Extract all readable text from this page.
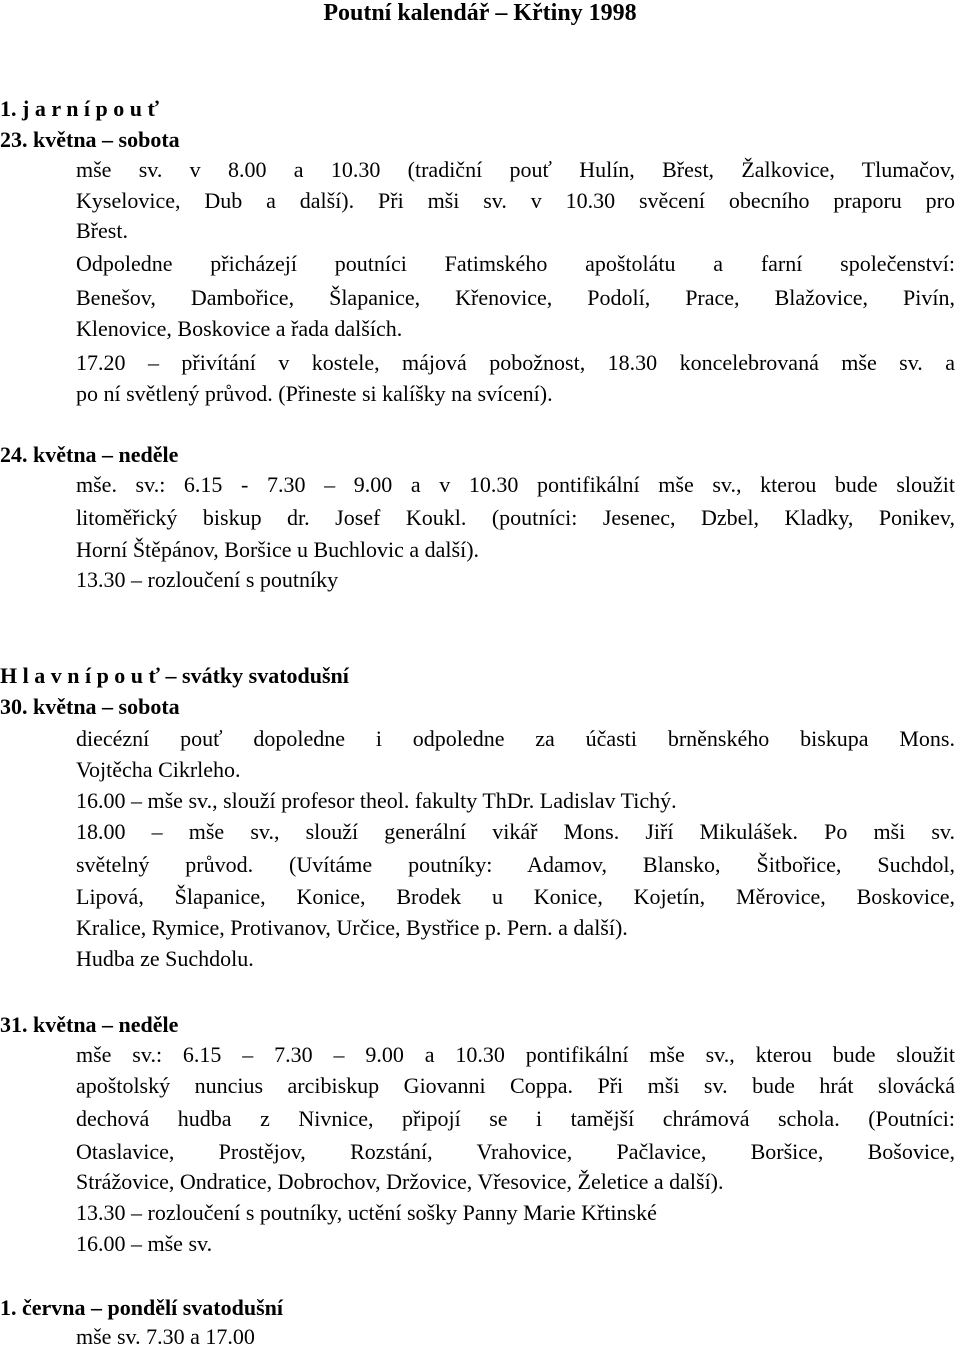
Poutní kalendář – Křtiny 1998
1. j a r n í p o u ť
23. května – sobota
mše sv. v 8.00 a 10.30 (tradiční pouť Hulín, Břest, Žalkovice, Tlumačov,
Kyselovice, Dub a další). Při mši sv. v 10.30 svěcení obecního praporu pro
Břest.
Odpoledne přicházejí poutníci Fatimského apoštolátu a farní společenství:
Benešov, Dambořice, Šlapanice, Křenovice, Podolí, Prace, Blažovice, Pivín,
Klenovice, Boskovice a řada dalších.
17.20 – přivítání v kostele, májová pobožnost, 18.30 koncelebrovaná mše sv. a
po ní světlený průvod. (Přineste si kalíšky na svícení).
24. května – neděle
mše. sv.: 6.15 - 7.30 – 9.00 a v 10.30 pontifikální mše sv., kterou bude sloužit
litoměřický biskup dr. Josef Koukl. (poutníci: Jesenec, Dzbel, Kladky, Ponikev,
Horní Štěpánov, Boršice u Buchlovic a další).
13.30 – rozloučení s poutníky
H l a v n í p o u ť – svátky svatodušní
30. května – sobota
diecézní pouť dopoledne i odpoledne za účasti brněnského biskupa Mons.
Vojtěcha Cikrleho.
16.00 – mše sv., slouží profesor theol. fakulty ThDr. Ladislav Tichý.
18.00 – mše sv., slouží generální vikář Mons. Jiří Mikulášek. Po mši sv.
světelný průvod. (Uvítáme poutníky: Adamov, Blansko, Šitbořice, Suchdol,
Lipová, Šlapanice, Konice, Brodek u Konice, Kojetín, Měrovice, Boskovice,
Kralice, Rymice, Protivanov, Určice, Bystřice p. Pern. a další).
Hudba ze Suchdolu.
31. května – neděle
mše sv.: 6.15 – 7.30 – 9.00 a 10.30 pontifikální mše sv., kterou bude sloužit
apoštolský nuncius arcibiskup Giovanni Coppa. Při mši sv. bude hrát slovácká
dechová hudba z Nivnice, připojí se i tamější chrámová schola. (Poutníci:
Otaslavice, Prostějov, Rozstání, Vrahovice, Pačlavice, Boršice, Bošovice,
Strážovice, Ondratice, Dobrochov, Držovice, Vřesovice, Želetice a další).
13.30 – rozloučení s poutníky, uctění sošky Panny Marie Křtinské
16.00 – mše sv.
1. června – pondělí svatodušní
mše sv. 7.30 a 17.00
